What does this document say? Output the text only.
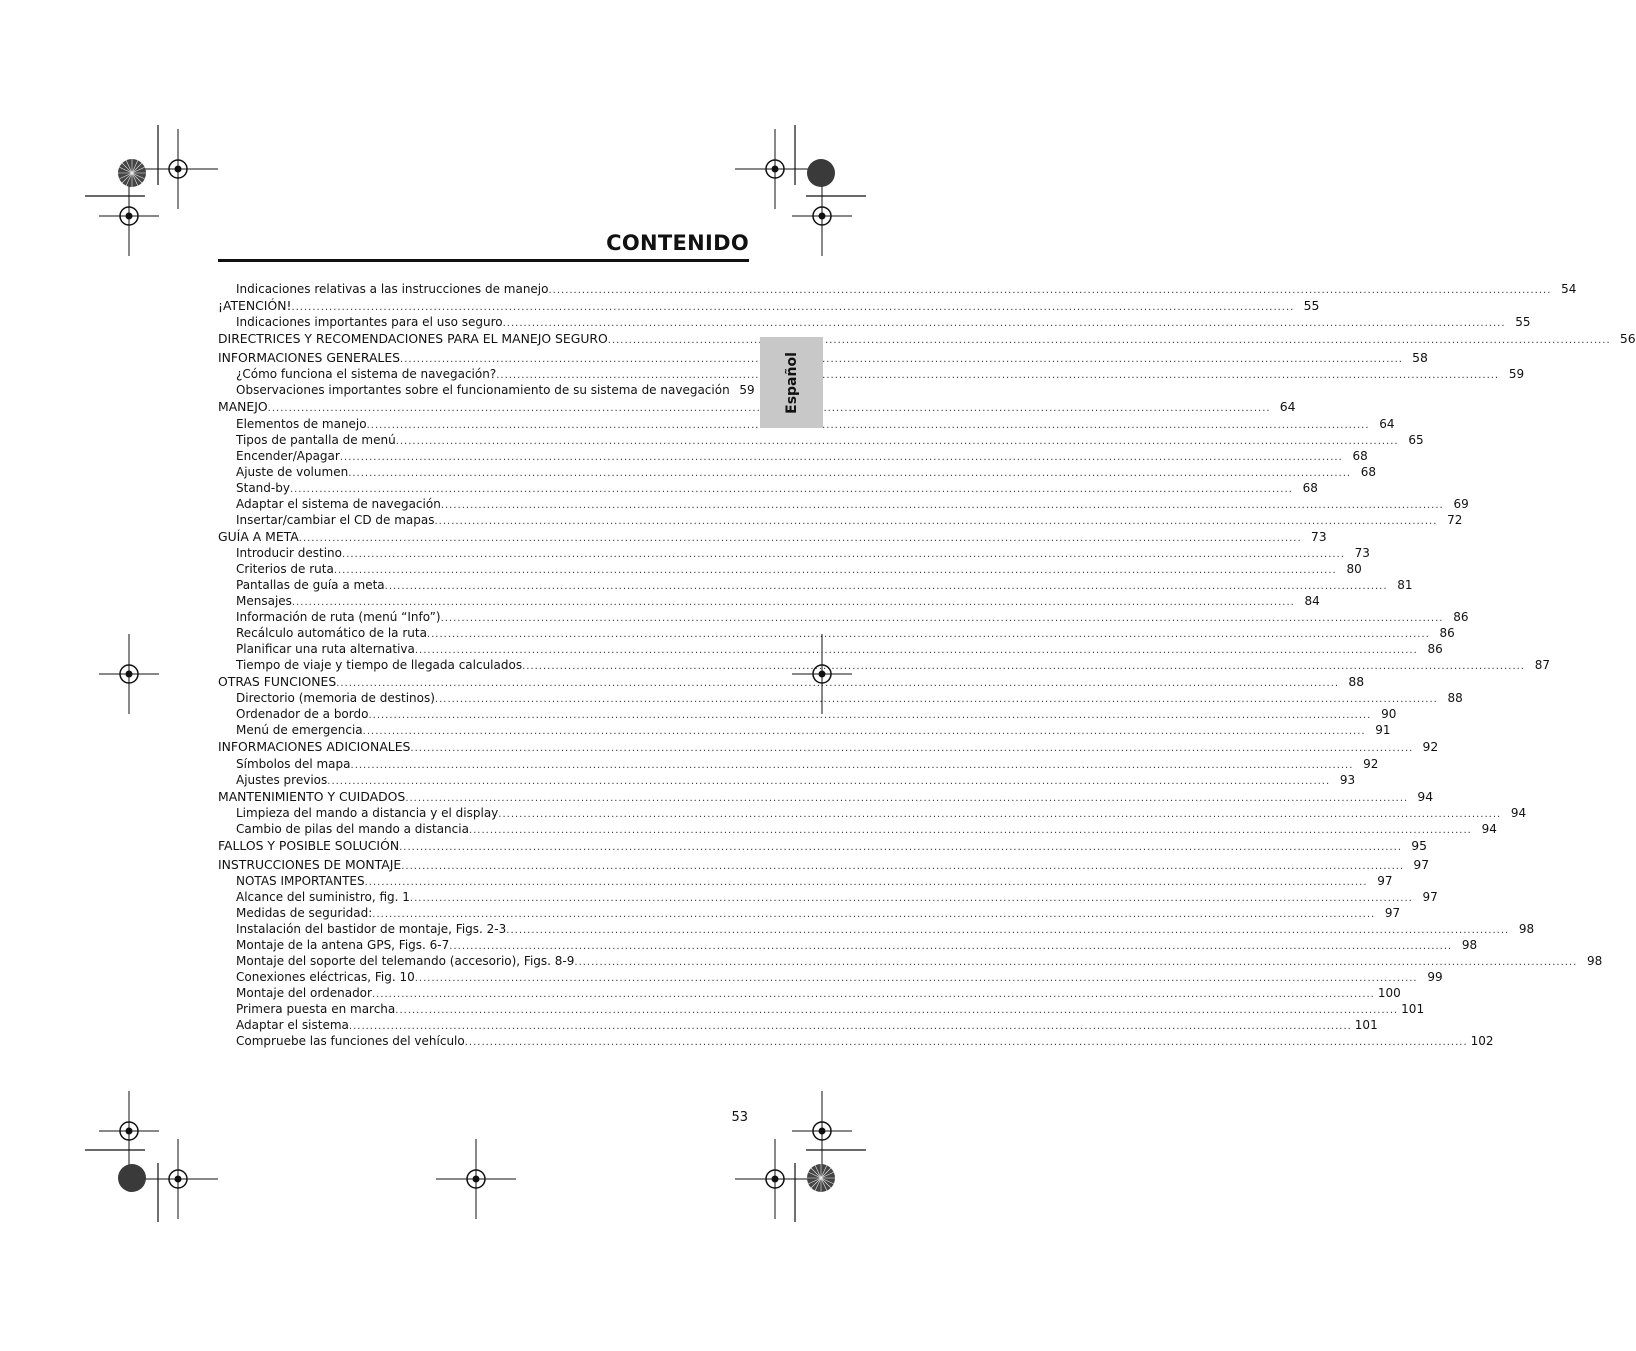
CONTENIDO
Indicaciones relativas a las instrucciones de manejo .....	54
¡ATENCIÓN! .....	55
Indicaciones importantes para el uso seguro .....	55
DIRECTRICES Y RECOMENDACIONES PARA EL MANEJO SEGURO .....	56
INFORMACIONES GENERALES .....	58
¿Cómo funciona el sistema de navegación? .....	59
Observaciones importantes sobre el funcionamiento de su sistema de navegación 59
MANEJO .....	64
Elementos de manejo .....	64
Tipos de pantalla de menú .....	65
Encender/Apagar .....	68
Ajuste de volumen .....	68
Stand-by .....	68
Adaptar el sistema de navegación .....	69
Insertar/cambiar el CD de mapas .....	72
GUÍA A META .....	73
Introducir destino .....	73
Criterios de ruta .....	80
Pantallas de guía a meta .....	81
Mensajes .....	84
Información de ruta (menú “Info”) .....	86
Recálculo automático de la ruta .....	86
Planificar una ruta alternativa .....	86
Tiempo de viaje y tiempo de llegada calculados .....	87
OTRAS FUNCIONES .....	88
Directorio (memoria de destinos) .....	88
Ordenador de a bordo .....	90
Menú de emergencia .....	91
INFORMACIONES ADICIONALES .....	92
Símbolos del mapa .....	92
Ajustes previos .....	93
MANTENIMIENTO Y CUIDADOS .....	94
Limpieza del mando a distancia y el display .....	94
Cambio de pilas del mando a distancia .....	94
FALLOS Y POSIBLE SOLUCIÓN .....	95
INSTRUCCIONES DE MONTAJE .....	97
NOTAS IMPORTANTES .....	97
Alcance del suministro, fig. 1 .....	97
Medidas de seguridad: .....	97
Instalación del bastidor de montaje, Figs. 2-3 .....	98
Montaje de la antena GPS, Figs. 6-7 .....	98
Montaje del soporte del telemando (accesorio), Figs. 8-9 .....	98
Conexiones eléctricas, Fig. 10 .....	99
Montaje del ordenador .....	100
Primera puesta en marcha .....	101
Adaptar el sistema .....	101
Compruebe las funciones del vehículo .....	102
Español
53
